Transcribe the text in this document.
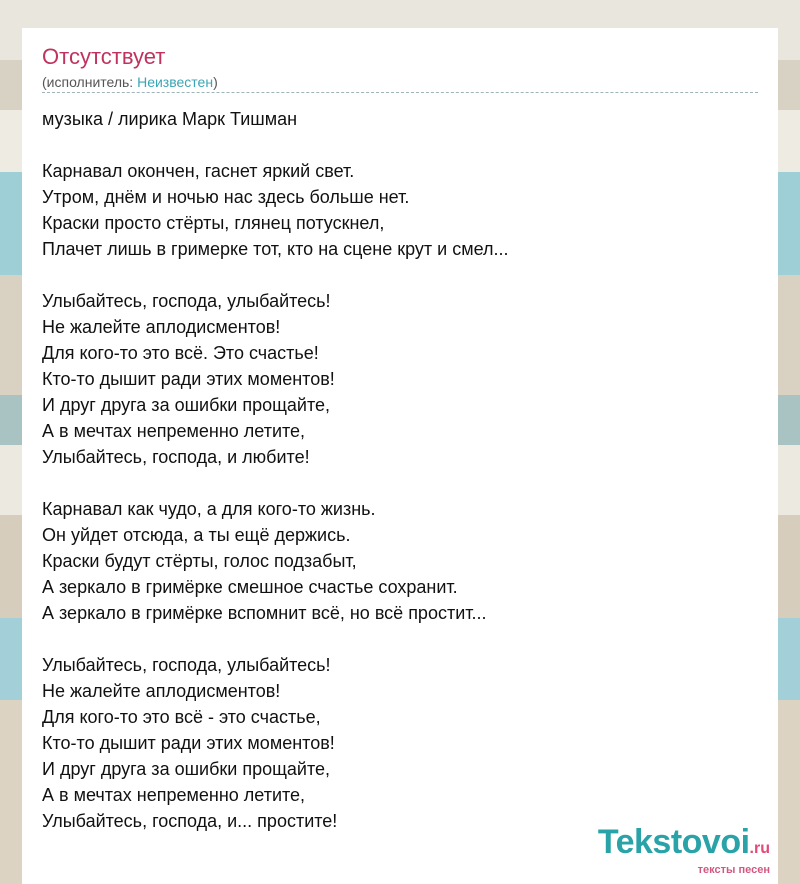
Отсутствует
(исполнитель: Неизвестен)
музыка / лирика Марк Тишман
Карнавал окончен, гаснет яркий свет.
Утром, днём и ночью нас здесь больше нет.
Краски просто стёрты, глянец потускнел,
Плачет лишь в гримерке тот, кто на сцене крут и смел...
Улыбайтесь, господа, улыбайтесь!
Не жалейте аплодисментов!
Для кого-то это всё. Это счастье!
Кто-то дышит ради этих моментов!
И друг друга за ошибки прощайте,
А в мечтах непременно летите,
Улыбайтесь, господа, и любите!
Карнавал как чудо, а для кого-то жизнь.
Он уйдет отсюда, а ты ещё держись.
Краски будут стёрты, голос подзабыт,
А зеркало в гримёрке смешное счастье сохранит.
А зеркало в гримёрке вспомнит всё, но всё простит...
Улыбайтесь, господа, улыбайтесь!
Не жалейте аплодисментов!
Для кого-то это всё - это счастье,
Кто-то дышит ради этих моментов!
И друг друга за ошибки прощайте,
А в мечтах непременно летите,
Улыбайтесь, господа, и... простите!
Tekstovoi.ru
тексты песен
